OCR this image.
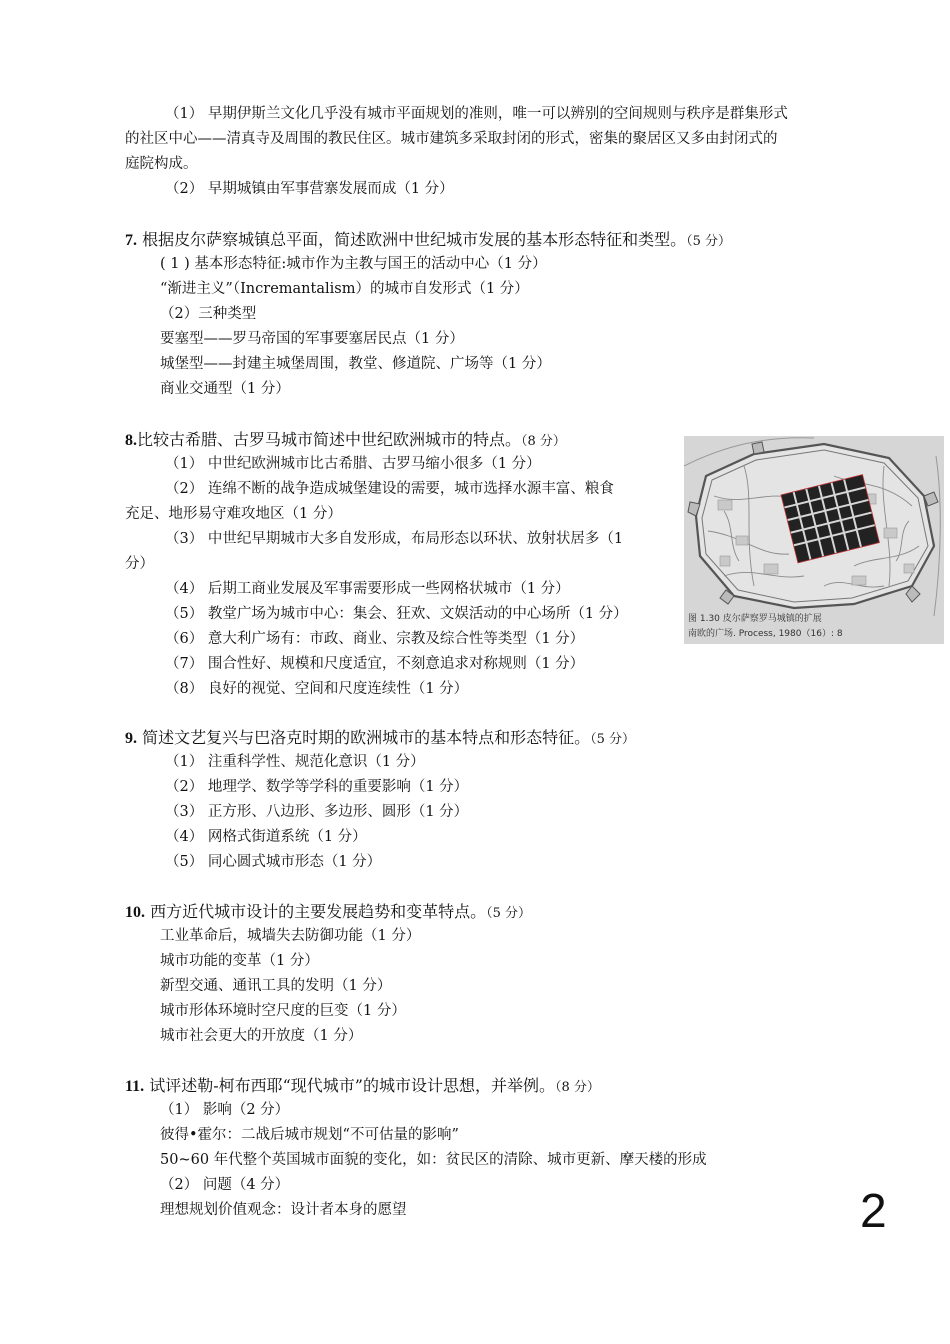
（1） 早期伊斯兰文化几乎没有城市平面规划的准则，唯一可以辨别的空间规则与秩序是群集形式
的社区中心——清真寺及周围的教民住区。城市建筑多采取封闭的形式，密集的聚居区又多由封闭式的
庭院构成。
（2） 早期城镇由军事营寨发展而成（1 分）
7. 根据皮尔萨察城镇总平面，简述欧洲中世纪城市发展的基本形态特征和类型。（5 分）
( 1 ) 基本形态特征:城市作为主教与国王的活动中心（1 分）
“渐进主义”（Incremantalism）的城市自发形式（1 分）
（2）三种类型
要塞型——罗马帝国的军事要塞居民点（1 分）
城堡型——封建主城堡周围，教堂、修道院、广场等（1 分）
商业交通型（1 分）
8.比较古希腊、古罗马城市简述中世纪欧洲城市的特点。（8 分）
（1） 中世纪欧洲城市比古希腊、古罗马缩小很多（1 分）
（2） 连绵不断的战争造成城堡建设的需要，城市选择水源丰富、粮食
充足、地形易守难攻地区（1 分）
（3） 中世纪早期城市大多自发形成，布局形态以环状、放射状居多（1
分）
（4） 后期工商业发展及军事需要形成一些网格状城市（1 分）
（5） 教堂广场为城市中心：集会、狂欢、文娱活动的中心场所（1 分）
（6） 意大利广场有：市政、商业、宗教及综合性等类型（1 分）
（7） 围合性好、规模和尺度适宜，不刻意追求对称规则（1 分）
（8） 良好的视觉、空间和尺度连续性（1 分）
图 1.30 皮尔萨察罗马城镇的扩展
南欧的广场. Process, 1980（16）: 8
9. 简述文艺复兴与巴洛克时期的欧洲城市的基本特点和形态特征。（5 分）
（1） 注重科学性、规范化意识（1 分）
（2） 地理学、数学等学科的重要影响（1 分）
（3） 正方形、八边形、多边形、圆形（1 分）
（4） 网格式街道系统（1 分）
（5） 同心圆式城市形态（1 分）
10. 西方近代城市设计的主要发展趋势和变革特点。（5 分）
工业革命后，城墙失去防御功能（1 分）
城市功能的变革（1 分）
新型交通、通讯工具的发明（1 分）
城市形体环境时空尺度的巨变（1 分）
城市社会更大的开放度（1 分）
11. 试评述勒-柯布西耶“现代城市”的城市设计思想，并举例。（8 分）
（1） 影响（2 分）
彼得•霍尔：二战后城市规划“不可估量的影响”
50~60 年代整个英国城市面貌的变化，如：贫民区的清除、城市更新、摩天楼的形成
（2） 问题（4 分）
理想规划价值观念：设计者本身的愿望	2
